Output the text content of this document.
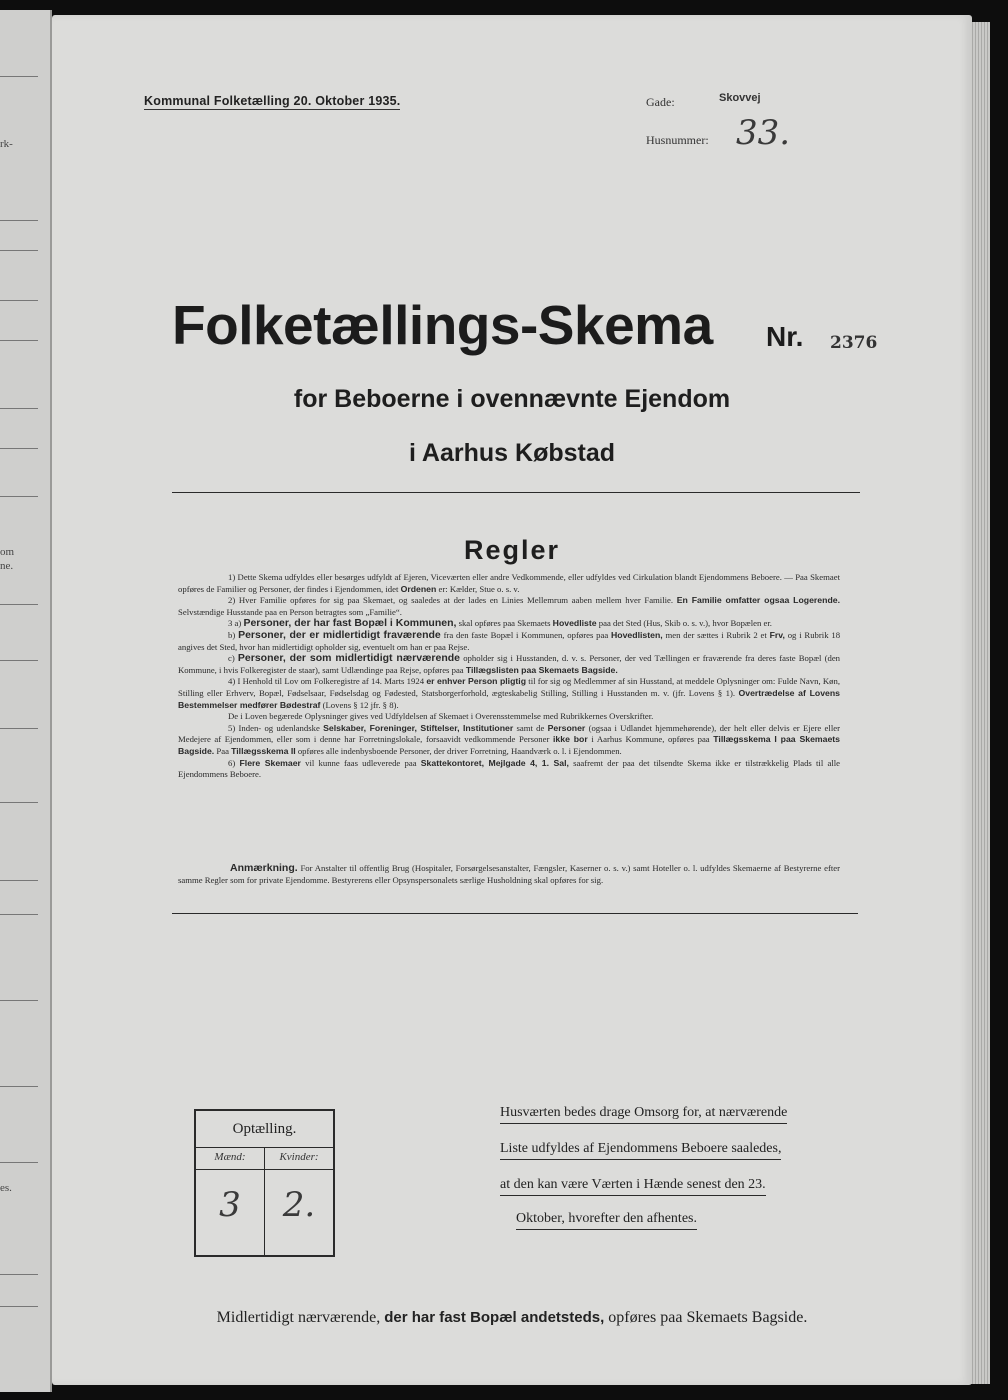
rk-
om
ne.
es.
Kommunal Folketælling 20. Oktober 1935.	Gade:	Skovvej
Husnummer: 33.
Folketællings-Skema Nr. 2376
for Beboerne i ovennævnte Ejendom
i Aarhus Købstad
Regler

1) Dette Skema udfyldes eller besørges udfyldt af Ejeren, Viceværten eller andre Vedkommende, eller udfyldes ved Cirkulation blandt Ejendommens Beboere. — Paa Skemaet opføres de Familier og Personer, der findes i Ejendommen, idet Ordenen er: Kælder, Stue o. s. v.

2) Hver Familie opføres for sig paa Skemaet, og saaledes at der lades en Linies Mellemrum aaben mellem hver Familie. En Familie omfatter ogsaa Logerende. Selvstændige Husstande paa en Person betragtes som „Familie“.

3 a) Personer, der har fast Bopæl i Kommunen, skal opføres paa Skemaets Hovedliste paa det Sted (Hus, Skib o. s. v.), hvor Bopælen er.

b) Personer, der er midlertidigt fraværende fra den faste Bopæl i Kommunen, opføres paa Hovedlisten, men der sættes i Rubrik 2 et Frv, og i Rubrik 18 angives det Sted, hvor han midlertidigt opholder sig, eventuelt om han er paa Rejse.

c) Personer, der som midlertidigt nærværende opholder sig i Husstanden, d. v. s. Personer, der ved Tællingen er fraværende fra deres faste Bopæl (den Kommune, i hvis Folkeregister de staar), samt Udlændinge paa Rejse, opføres paa Tillægslisten paa Skemaets Bagside.

4) I Henhold til Lov om Folkeregistre af 14. Marts 1924 er enhver Person pligtig til for sig og Medlemmer af sin Husstand, at meddele Oplysninger om: Fulde Navn, Køn, Stilling eller Erhverv, Bopæl, Fødselsaar, Fødselsdag og Fødested, Statsborgerforhold, ægteskabelig Stilling, Stilling i Husstanden m. v. (jfr. Lovens § 1). Overtrædelse af Lovens Bestemmelser medfører Bødestraf (Lovens § 12 jfr. § 8).

De i Loven begærede Oplysninger gives ved Udfyldelsen af Skemaet i Overensstemmelse med Rubrikkernes Overskrifter.

5) Inden- og udenlandske Selskaber, Foreninger, Stiftelser, Institutioner samt de Personer (ogsaa i Udlandet hjemmehørende), der helt eller delvis er Ejere eller Medejere af Ejendommen, eller som i denne har Forretningslokale, forsaavidt vedkommende Personer ikke bor i Aarhus Kommune, opføres paa Tillægsskema I paa Skemaets Bagside. Paa Tillægsskema II opføres alle indenbysboende Personer, der driver Forretning, Haandværk o. l. i Ejendommen.

6) Flere Skemaer vil kunne faas udleverede paa Skattekontoret, Mejlgade 4, 1. Sal, saafremt der paa det tilsendte Skema ikke er tilstrækkelig Plads til alle Ejendommens Beboere.

Anmærkning. For Anstalter til offentlig Brug (Hospitaler, Forsørgelsesanstalter, Fængsler, Kaserner o. s. v.) samt Hoteller o. l. udfyldes Skemaerne af Bestyrerne efter samme Regler som for private Ejendomme. Bestyrerens eller Opsynspersonalets særlige Husholdning skal opføres for sig.

Optælling.
Mænd:	Kvinder:
3	2.
Husværten bedes drage Omsorg for, at nærværende
Liste udfyldes af Ejendommens Beboere saaledes,
at den kan være Værten i Hænde senest den 23.
Oktober, hvorefter den afhentes.
Midlertidigt nærværende, der har fast Bopæl andetsteds, opføres paa Skemaets Bagside.
